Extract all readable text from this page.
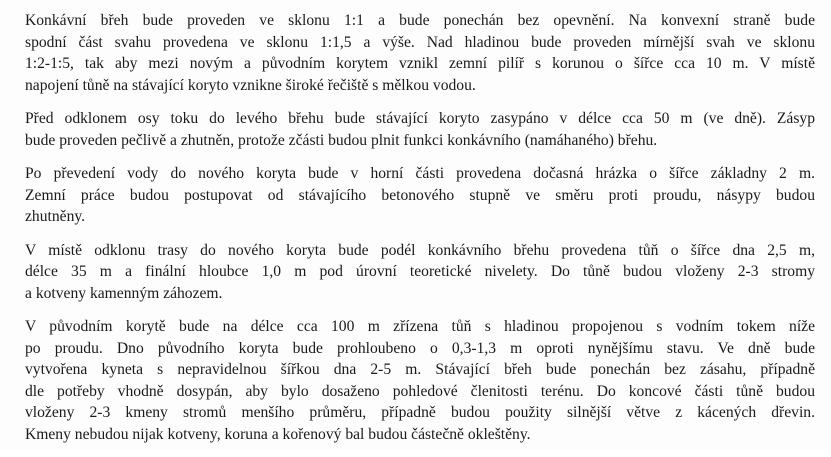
Konkávní břeh bude proveden ve sklonu 1:1 a bude ponechán bez opevnění. Na konvexní straně bude
spodní část svahu provedena ve sklonu 1:1,5 a výše. Nad hladinou bude proveden mírnější svah ve sklonu
1:2-1:5, tak aby mezi novým a původním korytem vznikl zemní pilíř s korunou o šířce cca 10 m. V místě
napojení tůně na stávající koryto vznikne široké řečiště s mělkou vodou.

Před odklonem osy toku do levého břehu bude stávající koryto zasypáno v délce cca 50 m (ve dně). Zásyp
bude proveden pečlivě a zhutněn, protože zčásti budou plnit funkci konkávního (namáhaného) břehu.

Po převedení vody do nového koryta bude v horní části provedena dočasná hrázka o šířce základny 2 m.
Zemní práce budou postupovat od stávajícího betonového stupně ve směru proti proudu, násypy budou
zhutněny.

V místě odklonu trasy do nového koryta bude podél konkávního břehu provedena tůň o šířce dna 2,5 m,
délce 35 m a finální hloubce 1,0 m pod úrovní teoretické nivelety. Do tůně budou vloženy 2-3 stromy
a kotveny kamenným záhozem.

V původním korytě bude na délce cca 100 m zřízena tůň s hladinou propojenou s vodním tokem níže
po proudu. Dno původního koryta bude prohloubeno o 0,3-1,3 m oproti nynějšímu stavu. Ve dně bude
vytvořena kyneta s nepravidelnou šířkou dna 2-5 m. Stávající břeh bude ponechán bez zásahu, případně
dle potřeby vhodně dosypán, aby bylo dosaženo pohledové členitosti terénu. Do koncové části tůně budou
vloženy 2-3 kmeny stromů menšího průměru, případně budou použity silnější větve z kácených dřevin.
Kmeny nebudou nijak kotveny, koruna a kořenový bal budou částečně okleštěny.
